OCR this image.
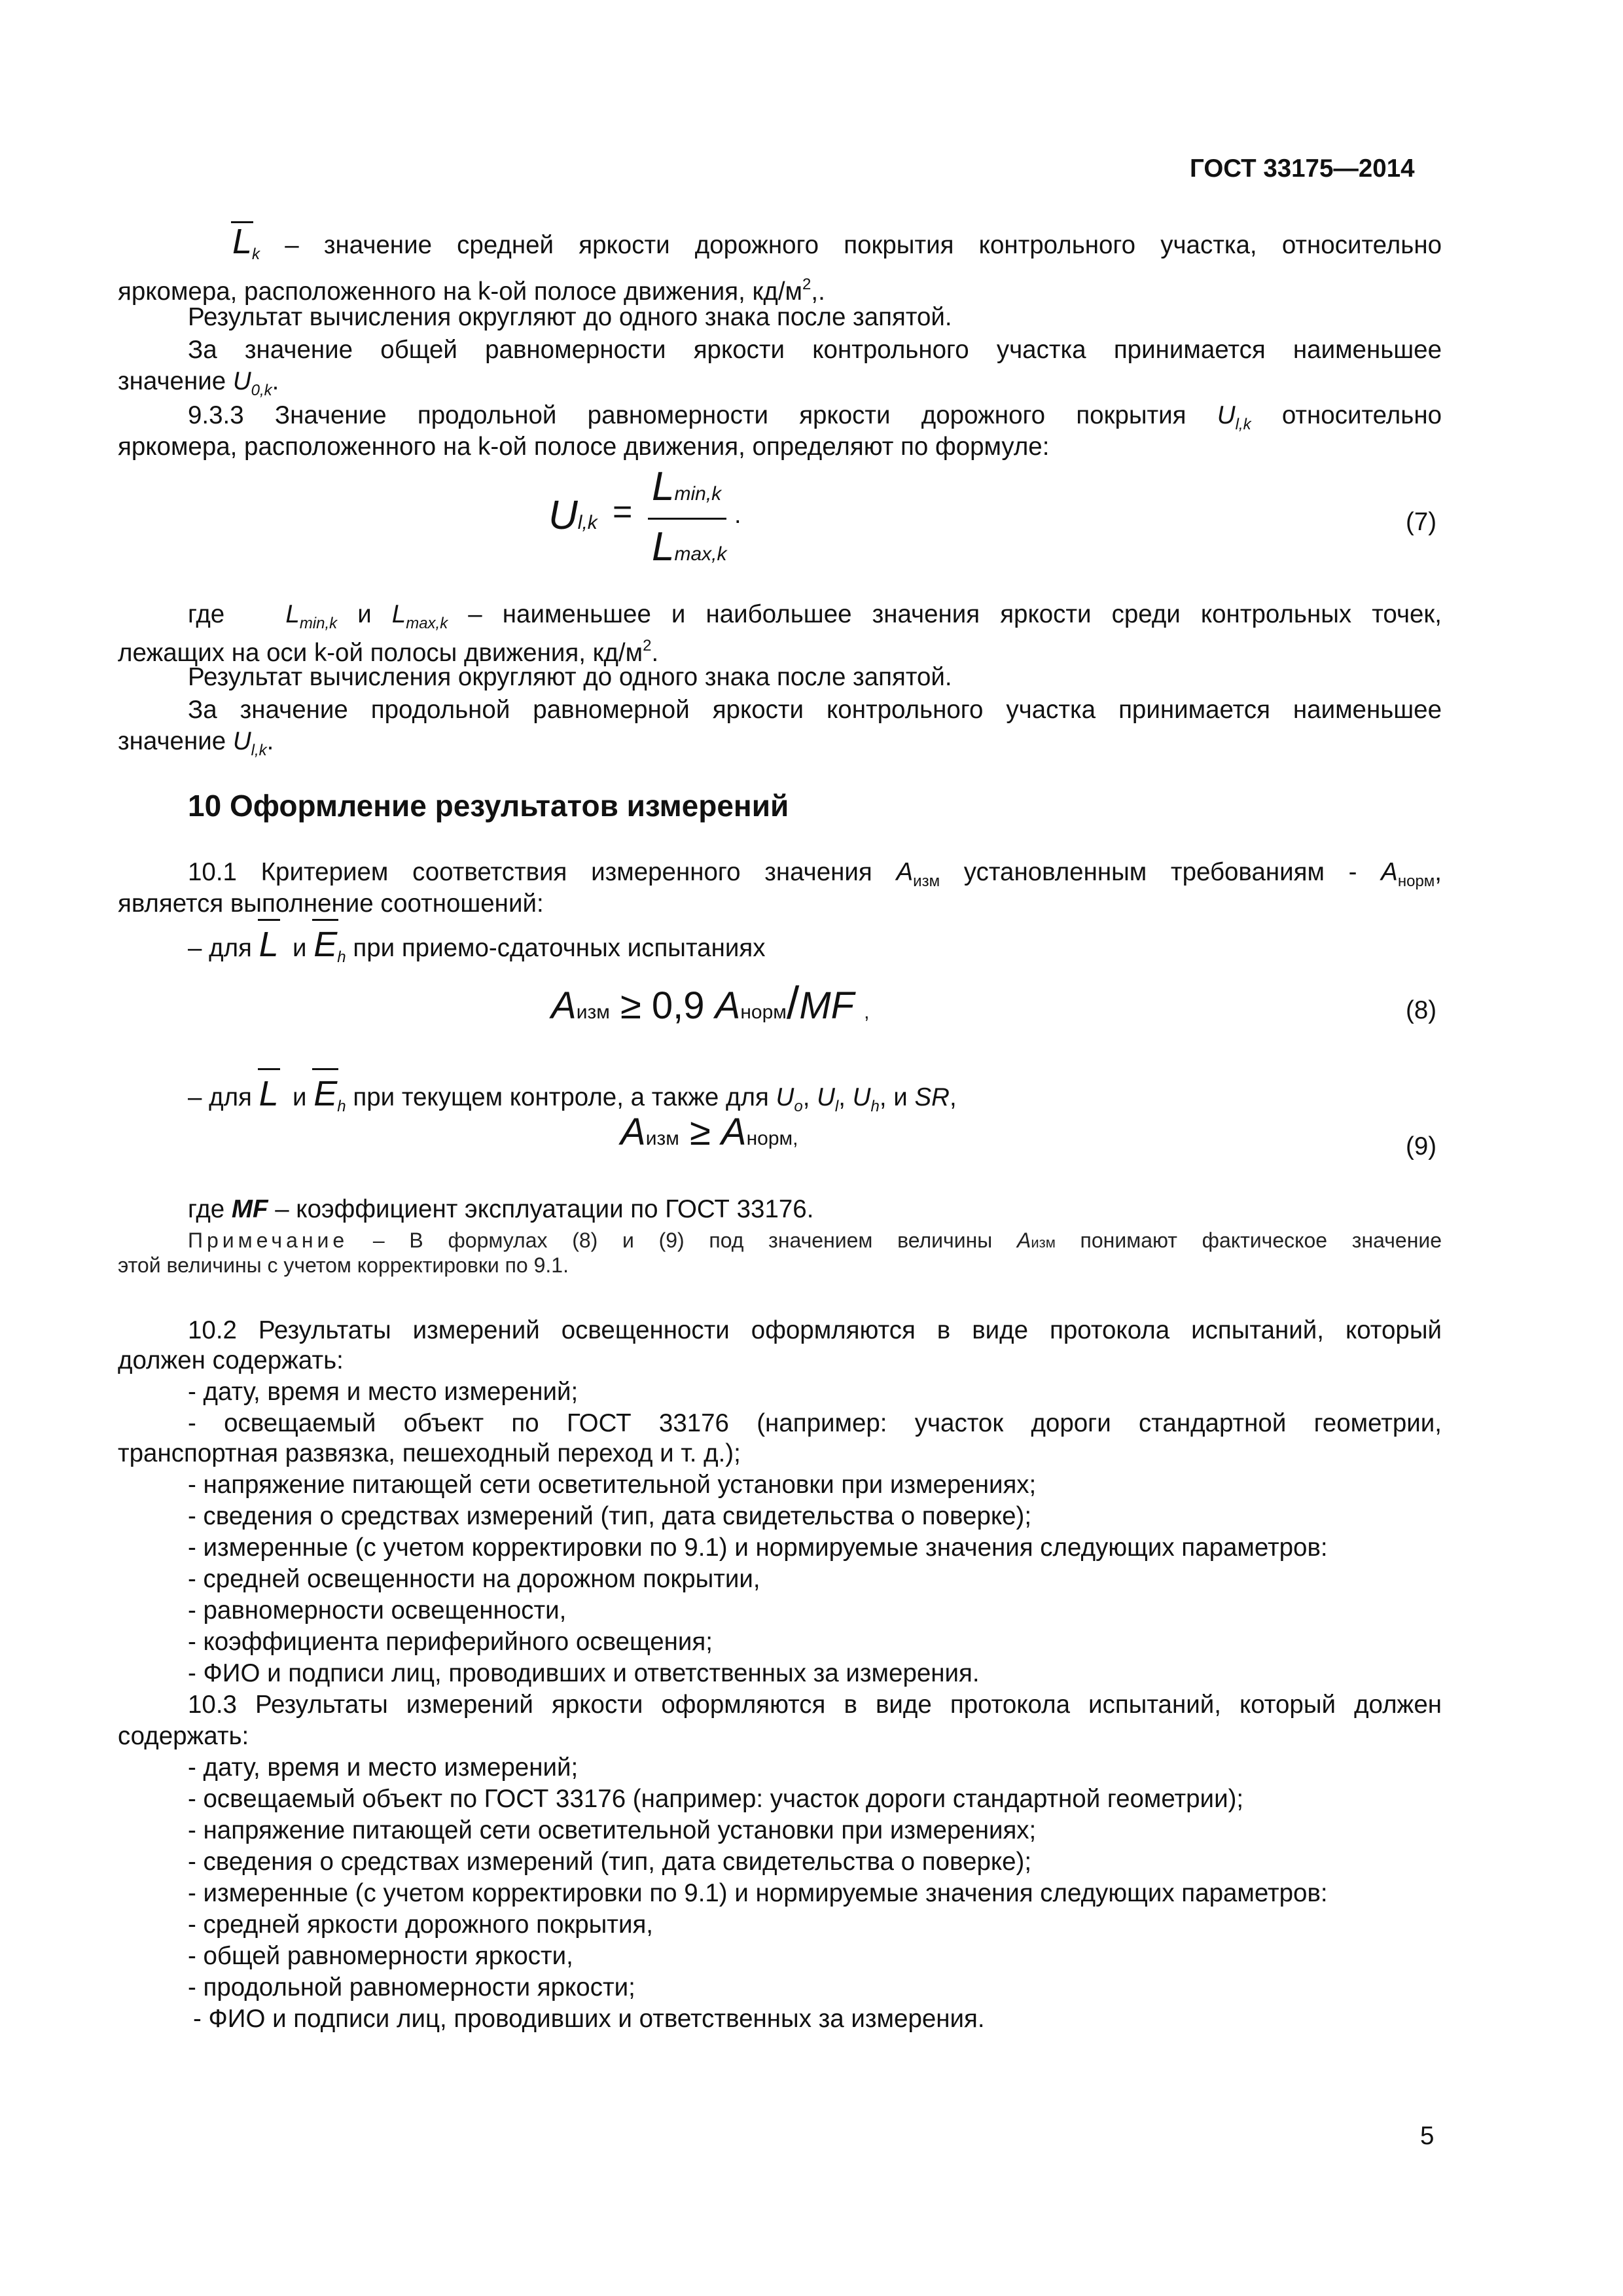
ГОСТ 33175—2014
$L_k$ – значение средней яркости дорожного покрытия контрольного участка, относительно
яркомера, расположенного на k-ой полосе движения, $кд/м^2$,.
Результат вычисления округляют до одного знака после запятой.
За значение общей равномерности яркости контрольного участка принимается наименьшее
значение $U_{0,k}$.
9.3.3 Значение продольной равномерности яркости дорожного покрытия $U_{l,k}$ относительно
яркомера, расположенного на k-ой полосе движения, определяют по формуле:
Ul,k =
Lmin,k
Lmax,k
.	(7)
где $L_{min,k}$ и $L_{max,k}$ – наименьшее и наибольшее значения яркости среди контрольных точек,
лежащих на оси k-ой полосы движения, $кд/м^2$.
Результат вычисления округляют до одного знака после запятой.
За значение продольной равномерной яркости контрольного участка принимается наименьшее
значение $U_{l,k}$.
10 Оформление результатов измерений
10.1 Критерием соответствия измеренного значения $A_{изм}$ установленным требованиям - $A_{норм}$,
является выполнение соотношений:
– для L и $E_h$ при приемо-сдаточных испытаниях
Aизм ≥ 0,9 Aнорм/MF ,	(8)
– для L и $E_h$ при текущем контроле, а также для $U_o$, $U_l$, $U_h$, и SR,
Aизм ≥ Aнорм,	(9)
где MF – коэффициент эксплуатации по ГОСТ 33176.
Примечание – В формулах (8) и (9) под значением величины Aизм понимают фактическое значение
этой величины с учетом корректировки по 9.1.
10.2 Результаты измерений освещенности оформляются в виде протокола испытаний, который
должен содержать:
- дату, время и место измерений;
- освещаемый объект по ГОСТ 33176 (например: участок дороги стандартной геометрии,
транспортная развязка, пешеходный переход и т. д.);
- напряжение питающей сети осветительной установки при измерениях;
- сведения о средствах измерений (тип, дата свидетельства о поверке);
- измеренные (с учетом корректировки по 9.1) и нормируемые значения следующих параметров:
- средней освещенности на дорожном покрытии,
- равномерности освещенности,
- коэффициента периферийного освещения;
- ФИО и подписи лиц, проводивших и ответственных за измерения.
10.3 Результаты измерений яркости оформляются в виде протокола испытаний, который должен
содержать:
- дату, время и место измерений;
- освещаемый объект по ГОСТ 33176 (например: участок дороги стандартной геометрии);
- напряжение питающей сети осветительной установки при измерениях;
- сведения о средствах измерений (тип, дата свидетельства о поверке);
- измеренные (с учетом корректировки по 9.1) и нормируемые значения следующих параметров:
- средней яркости дорожного покрытия,
- общей равномерности яркости,
- продольной равномерности яркости;
- ФИО и подписи лиц, проводивших и ответственных за измерения.
5
